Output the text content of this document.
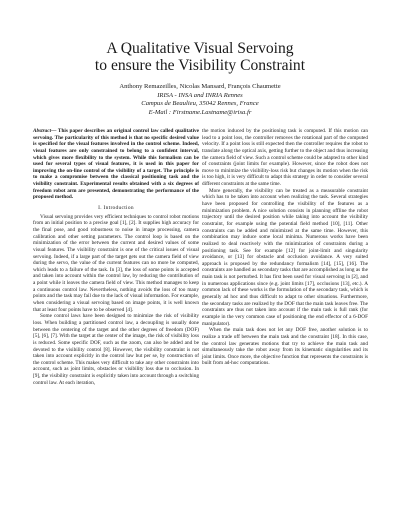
A Qualitative Visual Servoing
to ensure the Visibility Constraint
Anthony Remazeilles, Nicolas Mansard, François Chaumette
IRISA - INSA and INRIA Rennes
Campus de Beaulieu, 35042 Rennes, France
E-Mail : Firstname.Lastname@irisa.fr

Abstract— This paper describes an original control law called qualitative servoing. The particularity of this method is that no specific desired value is specified for the visual features involved in the control scheme. Indeed, visual features are only constrained to belong to a confident interval, which gives more flexibility to the system. While this formalism can be used for several types of visual features, it is used in this paper for improving the on-line control of the visibility of a target. The principle is to make a compromise between the classical positioning task and the visibility constraint. Experimental results obtained with a six degrees of freedom robot arm are presented, demonstrating the performance of the proposed method.

I. Introduction

Visual servoing provides very efficient techniques to control robot motions from an initial position to a precise goal [1], [2]. It supplies high accuracy for the final pose, and good robustness to noise in image processing, camera calibration and other setting parameters. The control loop is based on the minimization of the error between the current and desired values of some visual features. The visibility constraint is one of the critical issues of visual servoing. Indeed, if a large part of the target gets out the camera field of view during the servo, the value of the current features can no more be computed, which leads to a failure of the task. In [3], the loss of some points is accepted and taken into account within the control law, by reducing the contribution of a point while it leaves the camera field of view. This method manages to keep a continuous control law. Nevertheless, nothing avoids the loss of too many points and the task may fail due to the lack of visual information. For example, when considering a visual servoing based on image points, it is well known that at least four points have to be observed [4].

Some control laws have been designed to minimize the risk of visibility loss. When building a partitioned control law, a decoupling is usually done between the centering of the target and the other degrees of freedom (DOF) [5], [6], [7]. With the target at the center of the image, the risk of visibility loss is reduced. Some specific DOF, such as the zoom, can also be added and be devoted to the visibility control [8]. However, the visibility constraint is not taken into account explicitly in the control law but per se, by construction of the control scheme. This makes very difficult to take any other constraints into account, such as joint limits, obstacles or visibility loss due to occlusion. In [9], the visibility constraint is explicitly taken into account through a switching control law. At each iteration,

the motion induced by the positioning task is computed. If this motion can lead to a point loss, the controller removes the rotational part of the computed velocity. If a point loss is still expected then the controller requires the robot to translate along the optical axis, getting further to the object and thus increasing the camera field of view. Such a control scheme could be adapted to other kind of constraints (joint limits for example). However, since the robot does not move to minimize the visibility-loss risk but changes its motion when the risk is too high, it is very difficult to adapt this strategy in order to consider several different constraints at the same time.

More generally, the visibility can be treated as a measurable constraint which has to be taken into account when realizing the task. Several strategies have been proposed for controlling the visibility of the features as a minimization problem. A nice solution consists in planning offline the robot trajectory until the desired position while taking into account the visibility constraint, for example using the potential field method [10], [11]. Other constraints can be added and minimized at the same time. However, this combination may induce some local minima. Numerous works have been realized to deal reactively with the minimization of constraints during a positioning task. See for example [12] for joint-limit and singularity avoidance, or [13] for obstacle and occlusion avoidance. A very suited approach is proposed by the redundancy formalism [14], [15], [16]. The constraints are handled as secondary tasks that are accomplished as long as the main task is not perturbed. It has first been used for visual servoing in [2], and in numerous applications since (e.g. joint limits [17], occlusions [13], etc.). A common lack of these works is the formulation of the secondary task, which is generally ad hoc and thus difficult to adapt to other situations. Furthermore, the secondary tasks are realized by the DOF that the main task leaves free. The constraints are thus not taken into account if the main task is full rank (for example in the very common case of positioning the end effector of a 6-DOF manipulator).

When the main task does not let any DOF free, another solution is to realize a trade off between the main task and the constraint [18]. In this case, the control law generates motions that try to achieve the main task and simultaneously take the robot away from its kinematic singularities and its joint limits. Once more, the objective function that represents the constraints is built from ad-hoc computations.
